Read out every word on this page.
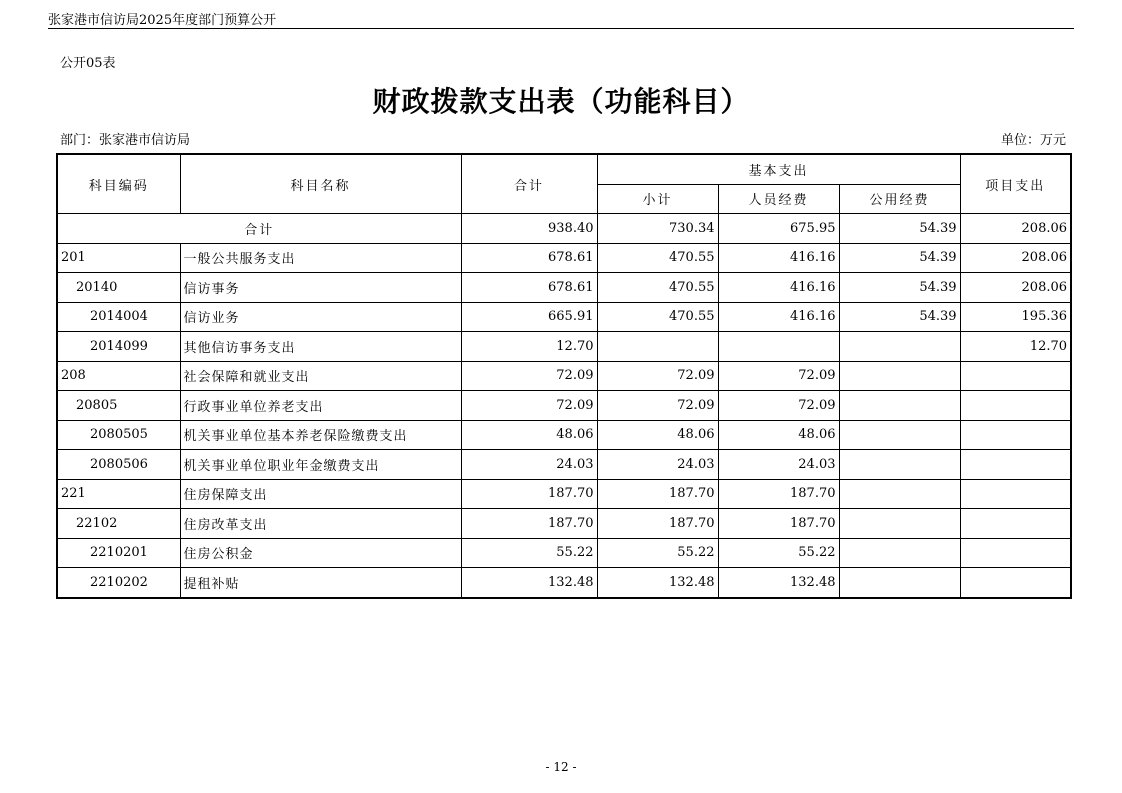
张家港市信访局2025年度部门预算公开
公开05表
财政拨款支出表（功能科目）
部门：张家港市信访局	单位：万元
科目编码	科目名称	合计	基本支出			项目支出
			小计	人员经费	公用经费	
合计		938.40	730.34	675.95	54.39	208.06
201	一般公共服务支出	678.61	470.55	416.16	54.39	208.06
20140	信访事务	678.61	470.55	416.16	54.39	208.06
2014004	信访业务	665.91	470.55	416.16	54.39	195.36
2014099	其他信访事务支出	12.70				12.70
208	社会保障和就业支出	72.09	72.09	72.09		
20805	行政事业单位养老支出	72.09	72.09	72.09		
2080505	机关事业单位基本养老保险缴费支出	48.06	48.06	48.06		
2080506	机关事业单位职业年金缴费支出	24.03	24.03	24.03		
221	住房保障支出	187.70	187.70	187.70		
22102	住房改革支出	187.70	187.70	187.70		
2210201	住房公积金	55.22	55.22	55.22		
2210202	提租补贴	132.48	132.48	132.48		
- 12 -
